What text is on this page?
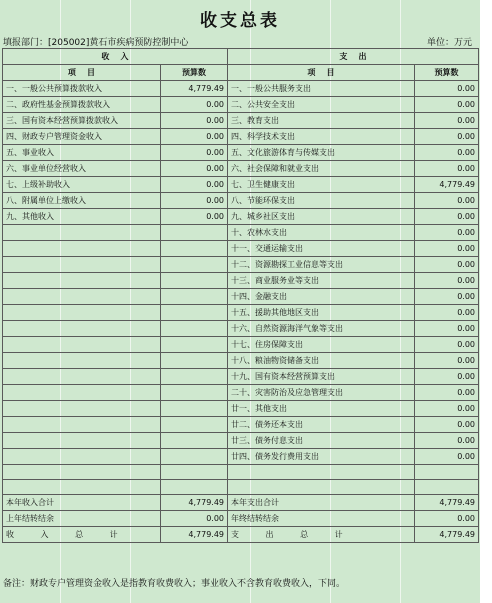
收支总表
填报部门：[205002]黄石市疾病预防控制中心	单位：万元
收    入		支    出	
项    目	预算数	项    目	预算数
一、一般公共预算拨款收入	4,779.49	一、一般公共服务支出	0.00
二、政府性基金预算拨款收入	0.00	二、公共安全支出	0.00
三、国有资本经营预算拨款收入	0.00	三、教育支出	0.00
四、财政专户管理资金收入	0.00	四、科学技术支出	0.00
五、事业收入	0.00	五、文化旅游体育与传媒支出	0.00
六、事业单位经营收入	0.00	六、社会保障和就业支出	0.00
七、上级补助收入	0.00	七、卫生健康支出	4,779.49
八、附属单位上缴收入	0.00	八、节能环保支出	0.00
九、其他收入	0.00	九、城乡社区支出	0.00
		十、农林水支出	0.00
		十一、交通运输支出	0.00
		十二、资源勘探工业信息等支出	0.00
		十三、商业服务业等支出	0.00
		十四、金融支出	0.00
		十五、援助其他地区支出	0.00
		十六、自然资源海洋气象等支出	0.00
		十七、住房保障支出	0.00
		十八、粮油物资储备支出	0.00
		十九、国有资本经营预算支出	0.00
		二十、灾害防治及应急管理支出	0.00
		廿一、其他支出	0.00
		廿二、债务还本支出	0.00
		廿三、债务付息支出	0.00
		廿四、债务发行费用支出	0.00

本年收入合计	4,779.49	本年支出合计	4,779.49
上年结转结余	0.00	年终结转结余	0.00
收 入 总 计	4,779.49	支 出 总 计	4,779.49
备注：财政专户管理资金收入是指教育收费收入；事业收入不含教育收费收入，下同。
